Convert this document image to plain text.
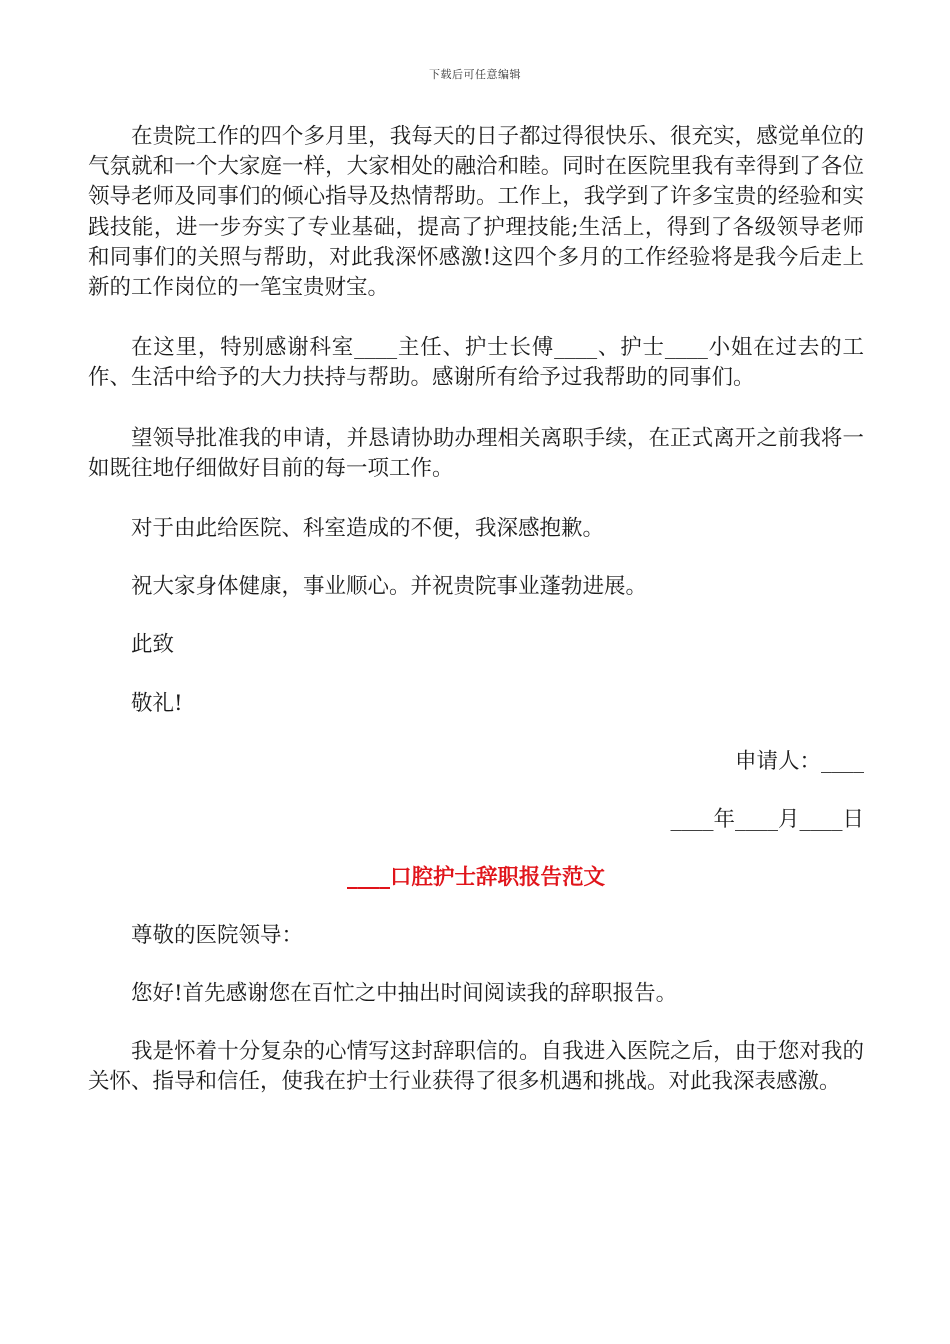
下载后可任意编辑

在贵院工作的四个多月里，我每天的日子都过得很快乐、很充实，感觉单位的气氛就和一个大家庭一样，大家相处的融洽和睦。同时在医院里我有幸得到了各位领导老师及同事们的倾心指导及热情帮助。工作上，我学到了许多宝贵的经验和实践技能，进一步夯实了专业基础，提高了护理技能;生活上，得到了各级领导老师和同事们的关照与帮助，对此我深怀感激!这四个多月的工作经验将是我今后走上新的工作岗位的一笔宝贵财宝。

在这里，特别感谢科室____主任、护士长傅____、护士____小姐在过去的工作、生活中给予的大力扶持与帮助。感谢所有给予过我帮助的同事们。

望领导批准我的申请，并恳请协助办理相关离职手续，在正式离开之前我将一如既往地仔细做好目前的每一项工作。

对于由此给医院、科室造成的不便，我深感抱歉。

祝大家身体健康，事业顺心。并祝贵院事业蓬勃进展。

此致

敬礼!

申请人：____

____年____月____日

____口腔护士辞职报告范文

尊敬的医院领导：

您好!首先感谢您在百忙之中抽出时间阅读我的辞职报告。

我是怀着十分复杂的心情写这封辞职信的。自我进入医院之后，由于您对我的关怀、指导和信任，使我在护士行业获得了很多机遇和挑战。对此我深表感激。
